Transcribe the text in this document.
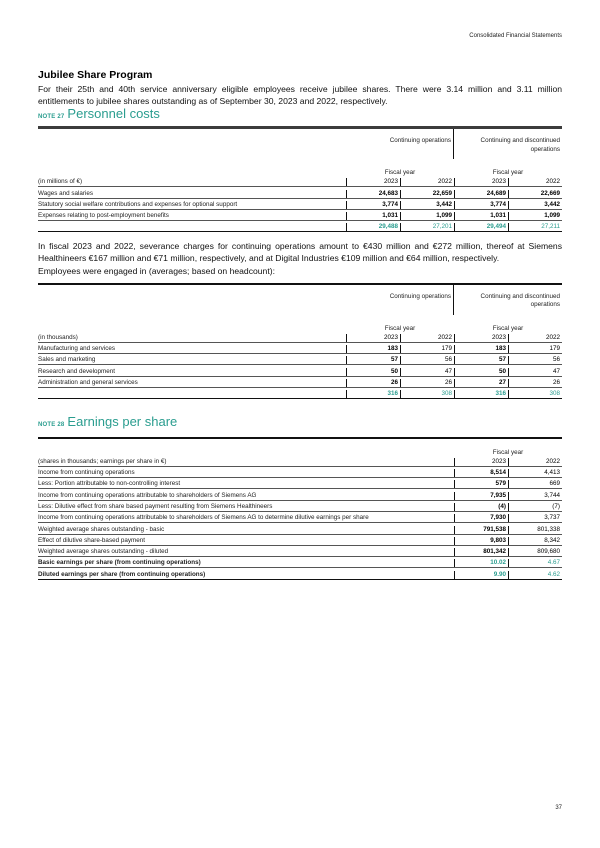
Consolidated Financial Statements
Jubilee Share Program
For their 25th and 40th service anniversary eligible employees receive jubilee shares. There were 3.14 million and 3.11 million entitlements to jubilee shares outstanding as of September 30, 2023 and 2022, respectively.
NOTE 27 Personnel costs
Continuing operations	Continuing and discontinued operations
Fiscal year	Fiscal year
(in millions of €)	2023	2022	2023	2022
Wages and salaries	24,683	22,659	24,689	22,669
Statutory social welfare contributions and expenses for optional support	3,774	3,442	3,774	3,442
Expenses relating to post-employment benefits	1,031	1,099	1,031	1,099
29,488	27,201	29,494	27,211
In fiscal 2023 and 2022, severance charges for continuing operations amount to €430 million and €272 million, thereof at Siemens Healthineers €167 million and €71 million, respectively, and at Digital Industries €109 million and €64 million, respectively.
Employees were engaged in (averages; based on headcount):
Continuing operations	Continuing and discontinued operations
Fiscal year	Fiscal year
(in thousands)	2023	2022	2023	2022
Manufacturing and services	183	179	183	179
Sales and marketing	57	56	57	56
Research and development	50	47	50	47
Administration and general services	26	26	27	26
316	308	316	308
NOTE 28 Earnings per share
Fiscal year
(shares in thousands; earnings per share in €)	2023	2022
Income from continuing operations	8,514	4,413
Less: Portion attributable to non-controlling interest	579	669
Income from continuing operations attributable to shareholders of Siemens AG	7,935	3,744
Less: Dilutive effect from share based payment resulting from Siemens Healthineers	(4)	(7)
Income from continuing operations attributable to shareholders of Siemens AG to determine dilutive earnings per share	7,930	3,737
Weighted average shares outstanding - basic	791,538	801,338
Effect of dilutive share-based payment	9,803	8,342
Weighted average shares outstanding - diluted	801,342	809,680
Basic earnings per share (from continuing operations)	10.02	4.67
Diluted earnings per share (from continuing operations)	9.90	4.62
37
